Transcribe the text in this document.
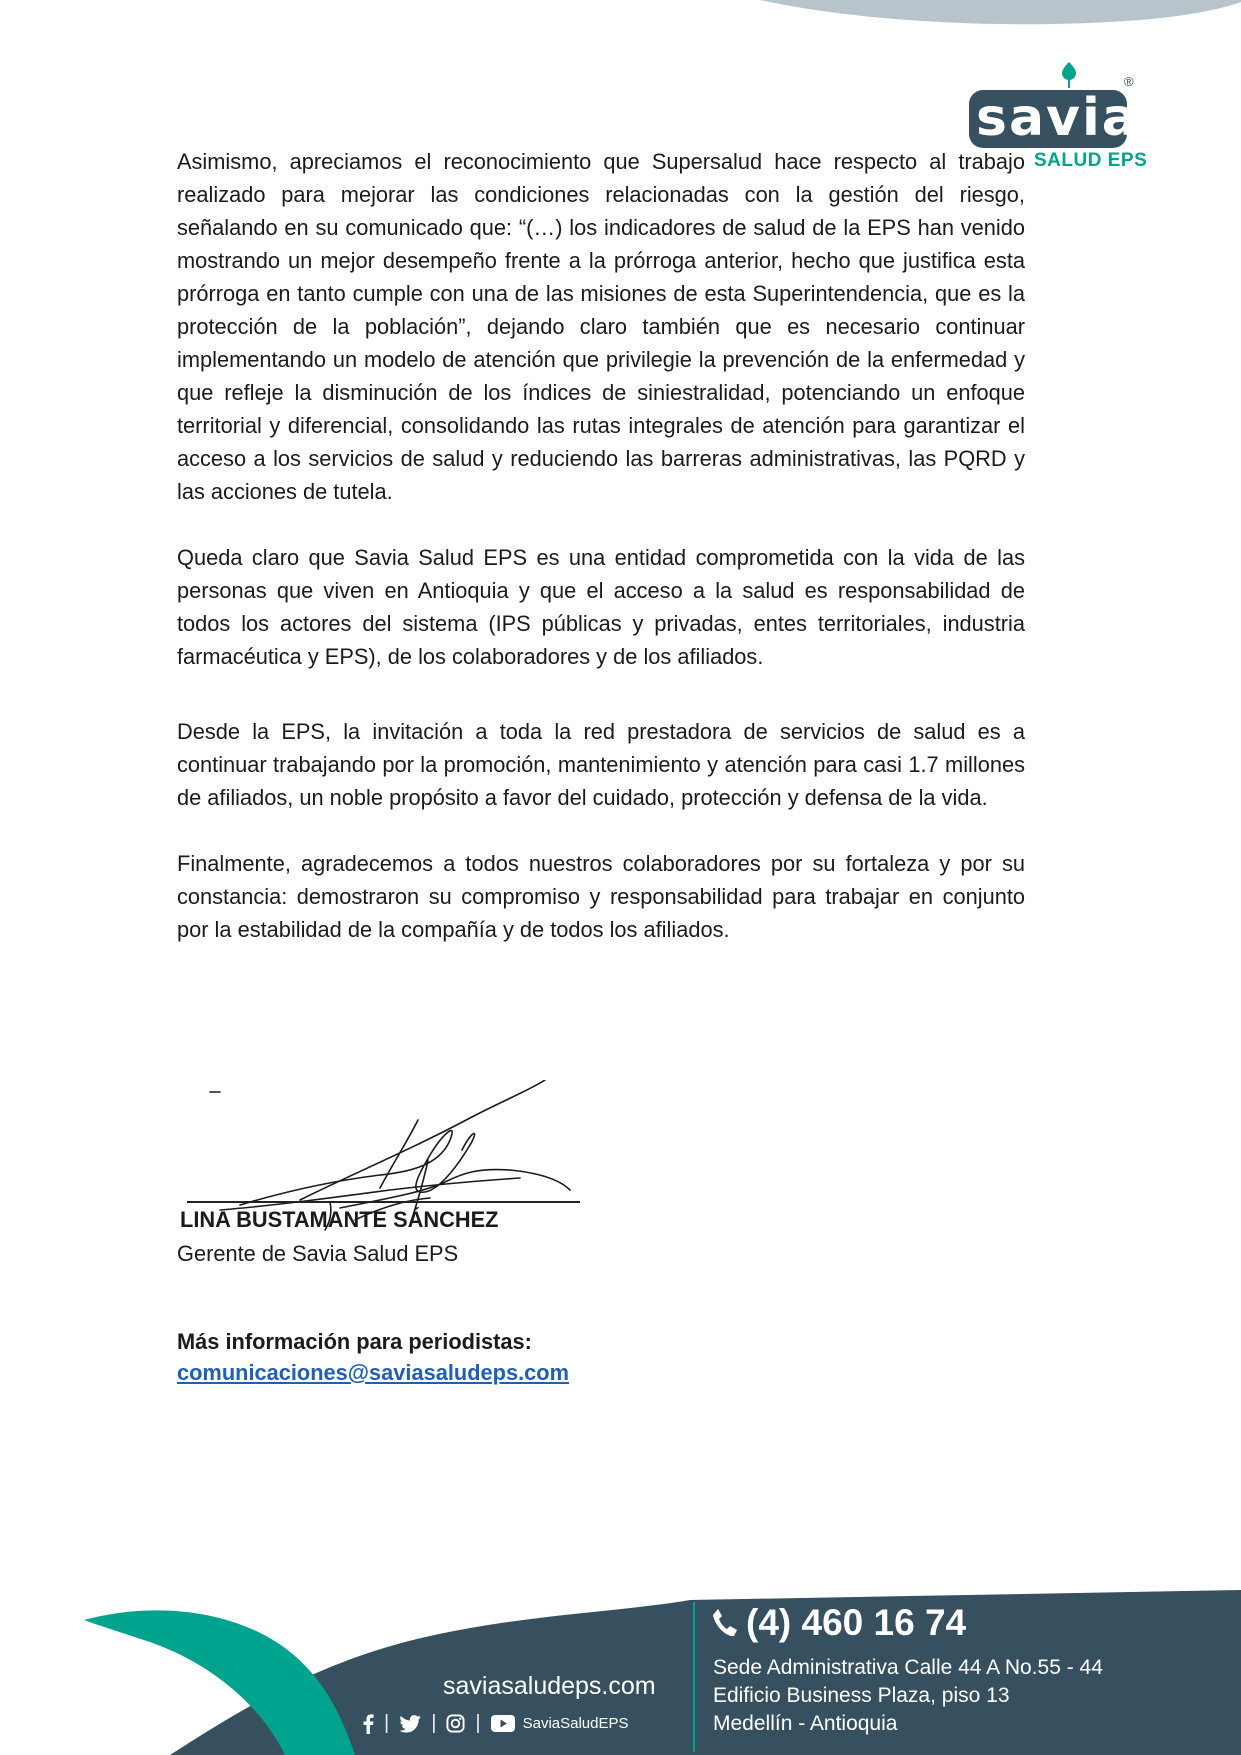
savia
®
SALUD EPS

Asimismo, apreciamos el reconocimiento que Supersalud hace respecto al trabajo realizado para mejorar las condiciones relacionadas con la gestión del riesgo, señalando en su comunicado que: “(…) los indicadores de salud de la EPS han venido mostrando un mejor desempeño frente a la prórroga anterior, hecho que justifica esta prórroga en tanto cumple con una de las misiones de esta Superintendencia, que es la protección de la población”, dejando claro también que es necesario continuar implementando un modelo de atención que privilegie la prevención de la enfermedad y que refleje la disminución de los índices de siniestralidad, potenciando un enfoque territorial y diferencial, consolidando las rutas integrales de atención para garantizar el acceso a los servicios de salud y reduciendo las barreras administrativas, las PQRD y las acciones de tutela.

Queda claro que Savia Salud EPS es una entidad comprometida con la vida de las personas que viven en Antioquia y que el acceso a la salud es responsabilidad de todos los actores del sistema (IPS públicas y privadas, entes territoriales, industria farmacéutica y EPS), de los colaboradores y de los afiliados.

Desde la EPS, la invitación a toda la red prestadora de servicios de salud es a continuar trabajando por la promoción, mantenimiento y atención para casi 1.7 millones de afiliados, un noble propósito a favor del cuidado, protección y defensa de la vida.

Finalmente, agradecemos a todos nuestros colaboradores por su fortaleza y por su constancia: demostraron su compromiso y responsabilidad para trabajar en conjunto por la estabilidad de la compañía y de todos los afiliados.

LINA BUSTAMANTE SÁNCHEZ
Gerente de Savia Salud EPS
Más información para periodistas:
comunicaciones@saviasaludeps.com
saviasaludeps.com
| | |	SaviaSaludEPS
(4) 460 16 74
Sede Administrativa Calle 44 A No.55 - 44
Edificio Business Plaza, piso 13
Medellín - Antioquia
